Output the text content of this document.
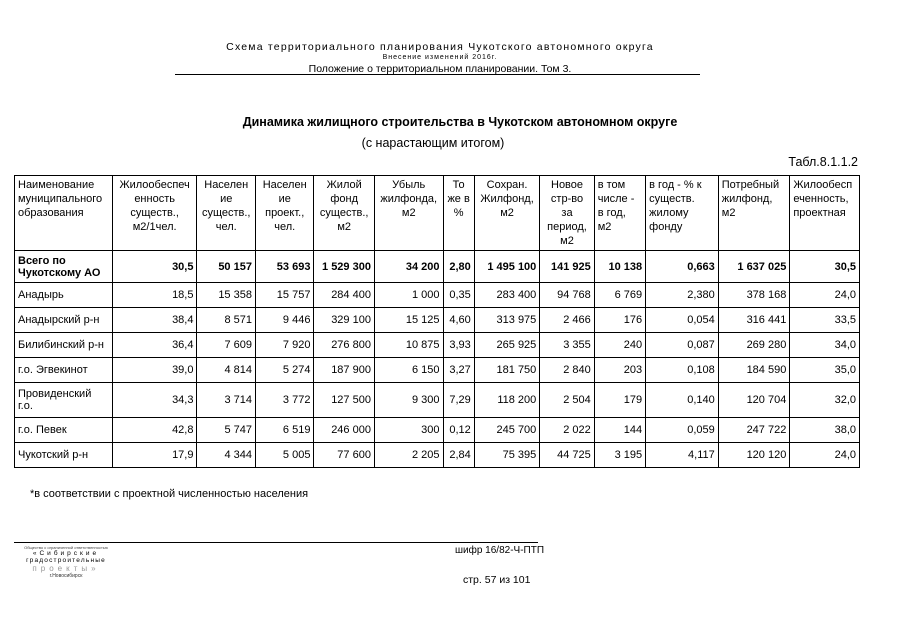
Схема территориального планирования Чукотского автономного округа
Внесение изменений 2016г.
Положение о территориальном планировании. Том 3.
Динамика жилищного строительства в Чукотском автономном округе
(с нарастающим итогом)
Табл.8.1.1.2
Наименование
муниципального
образования	Жилообеспеч
енность
существ.,
м2/1чел.	Населен
ие
существ.,
чел.	Населен
ие
проект.,
чел.	Жилой
фонд
существ.,
м2	Убыль
жилфонда,
м2	То
же в
%	Сохран.
Жилфонд,
м2	Новое
стр-во
за
период,
м2	в том
числе -
в год,
м2	в год - % к
существ.
жилому
фонду	Потребный
жилфонд,
м2	Жилообесп
еченность,
проектная
Всего по Чукотскому АО	30,5	50 157	53 693	1 529 300	34 200	2,80	1 495 100	141 925	10 138	0,663	1 637 025	30,5
Анадырь	18,5	15 358	15 757	284 400	1 000	0,35	283 400	94 768	6 769	2,380	378 168	24,0
Анадырский р-н	38,4	8 571	9 446	329 100	15 125	4,60	313 975	2 466	176	0,054	316 441	33,5
Билибинский р-н	36,4	7 609	7 920	276 800	10 875	3,93	265 925	3 355	240	0,087	269 280	34,0
г.о. Эгвекинот	39,0	4 814	5 274	187 900	6 150	3,27	181 750	2 840	203	0,108	184 590	35,0
Провиденский г.о.	34,3	3 714	3 772	127 500	9 300	7,29	118 200	2 504	179	0,140	120 704	32,0
г.о. Певек	42,8	5 747	6 519	246 000	300	0,12	245 700	2 022	144	0,059	247 722	38,0
Чукотский р-н	17,9	4 344	5 005	77 600	2 205	2,84	75 395	44 725	3 195	4,117	120 120	24,0
*в соответствии с проектной численностью населения
Общество с ограниченной ответственностью
«Сибирские
градостроительные
проекты»
г.Новосибирск
шифр 16/82-Ч-ПТП
стр. 57 из 101
